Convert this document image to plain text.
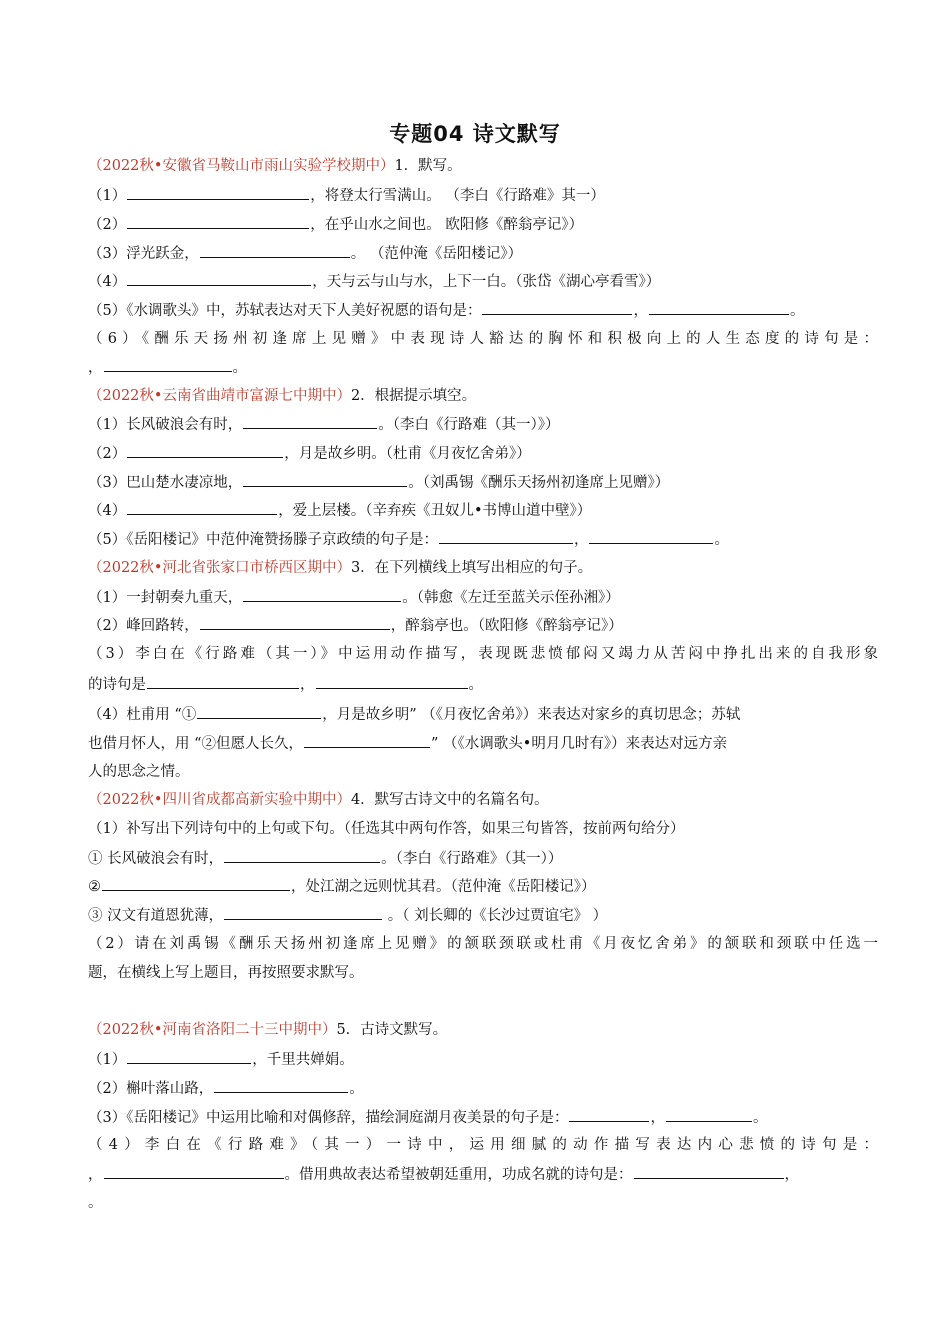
专题04 诗文默写
（2022秋•安徽省马鞍山市雨山实验学校期中）1．默写。
（1）	，将登太行雪满山。 （李白《行路难》其一）
（2）	，在乎山水之间也。 欧阳修《醉翁亭记》）
（3）浮光跃金，	。 （范仲淹《岳阳楼记》）
（4）	，天与云与山与水，上下一白。（张岱《湖心亭看雪》）
（5）《水调歌头》中，苏轼表达对天下人美好祝愿的语句是：	，	。
（6）《酬乐天扬州初逢席上见赠》中表现诗人豁达的胸怀和积极向上的人生态度的诗句是：
，	。
（2022秋•云南省曲靖市富源七中期中）2．根据提示填空。
（1）长风破浪会有时，	。（李白《行路难（其一）》）
（2）	，月是故乡明。（杜甫《月夜忆舍弟》）
（3）巴山楚水凄凉地，	。（刘禹锡《酬乐天扬州初逢席上见赠》）
（4）	，爱上层楼。（辛弃疾《丑奴儿•书博山道中壁》）
（5）《岳阳楼记》中范仲淹赞扬滕子京政绩的句子是：	，	。
（2022秋•河北省张家口市桥西区期中）3．在下列横线上填写出相应的句子。
（1）一封朝奏九重天，	。（韩愈《左迁至蓝关示侄孙湘》）
（2）峰回路转，	，醉翁亭也。（欧阳修《醉翁亭记》）
（3）李白在《行路难（其一）》中运用动作描写，表现既悲愤郁闷又竭力从苦闷中挣扎出来的自我形象
的诗句是	，	。
（4）杜甫用 “①	，月是故乡明” （《月夜忆舍弟》）来表达对家乡的真切思念；苏轼
也借月怀人，用 “②但愿人长久，	” （《水调歌头•明月几时有》）来表达对远方亲
人的思念之情。
（2022秋•四川省成都高新实验中期中）4．默写古诗文中的名篇名句。
（1）补写出下列诗句中的上句或下句。（任选其中两句作答，如果三句皆答，按前两句给分）
① 长风破浪会有时，	。（李白《行路难》（其一））
②	，处江湖之远则忧其君。（范仲淹《岳阳楼记》）
③ 汉文有道恩犹薄，	。（ 刘长卿的《长沙过贾谊宅》 ）
（2）请在刘禹锡《酬乐天扬州初逢席上见赠》的颔联颈联或杜甫《月夜忆舍弟》的颔联和颈联中任选一
题，在横线上写上题目，再按照要求默写。
（2022秋•河南省洛阳二十三中期中）5．古诗文默写。
（1）	，千里共婵娟。
（2）槲叶落山路，	。
（3）《岳阳楼记》中运用比喻和对偶修辞，描绘洞庭湖月夜美景的句子是：	，	。
（4）李白在《行路难》（其一）一诗中，运用细腻的动作描写表达内心悲愤的诗句是：
，	。借用典故表达希望被朝廷重用，功成名就的诗句是：	，
。
